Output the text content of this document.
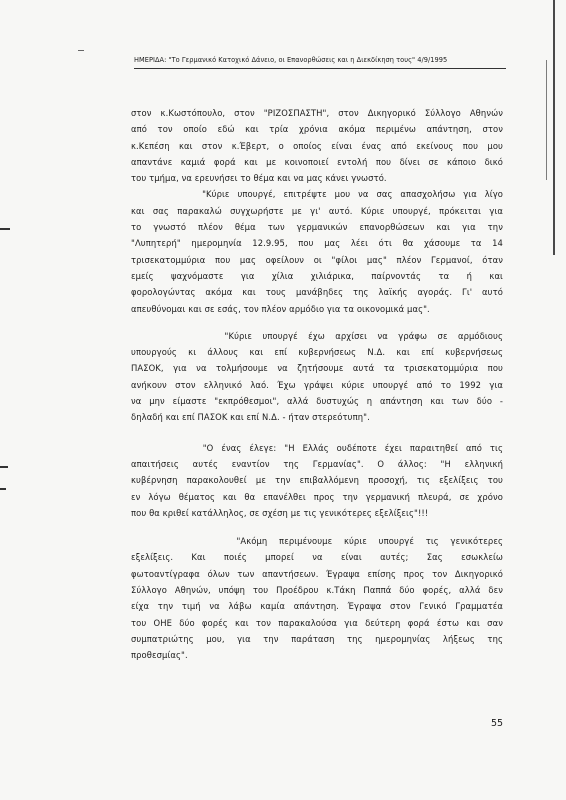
ΗΜΕΡΙΔΑ: "Το Γερμανικό Κατοχικό Δάνειο, οι Επανορθώσεις και η Διεκδίκηση τους" 4/9/1995
στον κ.Κωστόπουλο, στον "ΡΙΖΟΣΠΑΣΤΗ", στον Δικηγορικό Σύλλογο Αθηνών
από τον οποίο εδώ και τρία χρόνια ακόμα περιμένω απάντηση, στον
κ.Κεπέση και στον κ.Έβερτ, ο οποίος είναι ένας από εκείνους που μου
απαντάνε καμιά φορά και με κοινοποιεί εντολή που δίνει σε κάποιο δικό
του τμήμα, να ερευνήσει το θέμα και να μας κάνει γνωστό.
"Κύριε υπουργέ, επιτρέψτε μου να σας απασχολήσω για λίγο
και σας παρακαλώ συγχωρήστε με γι' αυτό. Κύριε υπουργέ, πρόκειται για
το γνωστό πλέον θέμα των γερμανικών επανορθώσεων και για την
"Λυπητερή" ημερομηνία 12.9.95, που μας λέει ότι θα χάσουμε τα 14
τρισεκατομμύρια που μας οφείλουν οι "φίλοι μας" πλέον Γερμανοί, όταν
εμείς ψαχνόμαστε για χίλια χιλιάρικα, παίρνοντάς τα ή και
φορολογώντας ακόμα και τους μανάβηδες της λαϊκής αγοράς. Γι' αυτό
απευθύνομαι και σε εσάς, τον πλέον αρμόδιο για τα οικονομικά μας".
"Κύριε υπουργέ έχω αρχίσει να γράφω σε αρμόδιους
υπουργούς κι άλλους και επί κυβερνήσεως Ν.Δ. και επί κυβερνήσεως
ΠΑΣΟΚ, για να τολμήσουμε να ζητήσουμε αυτά τα τρισεκατομμύρια που
ανήκουν στον ελληνικό λαό. Έχω γράψει κύριε υπουργέ από το 1992 για
να μην είμαστε "εκπρόθεσμοι", αλλά δυστυχώς η απάντηση και των δύο -
δηλαδή και επί ΠΑΣΟΚ και επί Ν.Δ. - ήταν στερεότυπη".
"Ο ένας έλεγε: "Η Ελλάς ουδέποτε έχει παραιτηθεί από τις
απαιτήσεις αυτές εναντίον της Γερμανίας". Ο άλλος: "Η ελληνική
κυβέρνηση παρακολουθεί με την επιβαλλόμενη προσοχή, τις εξελίξεις του
εν λόγω θέματος και θα επανέλθει προς την γερμανική πλευρά, σε χρόνο
που θα κριθεί κατάλληλος, σε σχέση με τις γενικότερες εξελίξεις"!!!
"Ακόμη περιμένουμε κύριε υπουργέ τις γενικότερες
εξελίξεις. Και ποιές μπορεί να είναι αυτές; Σας εσωκλείω
φωτοαντίγραφα όλων των απαντήσεων. Έγραψα επίσης προς τον Δικηγορικό
Σύλλογο Αθηνών, υπόψη του Προέδρου κ.Τάκη Παππά δύο φορές, αλλά δεν
είχα την τιμή να λάβω καμία απάντηση. Έγραψα στον Γενικό Γραμματέα
του ΟΗΕ δύο φορές και τον παρακαλούσα για δεύτερη φορά έστω και σαν
συμπατριώτης μου, για την παράταση της ημερομηνίας λήξεως της
προθεσμίας".
55
